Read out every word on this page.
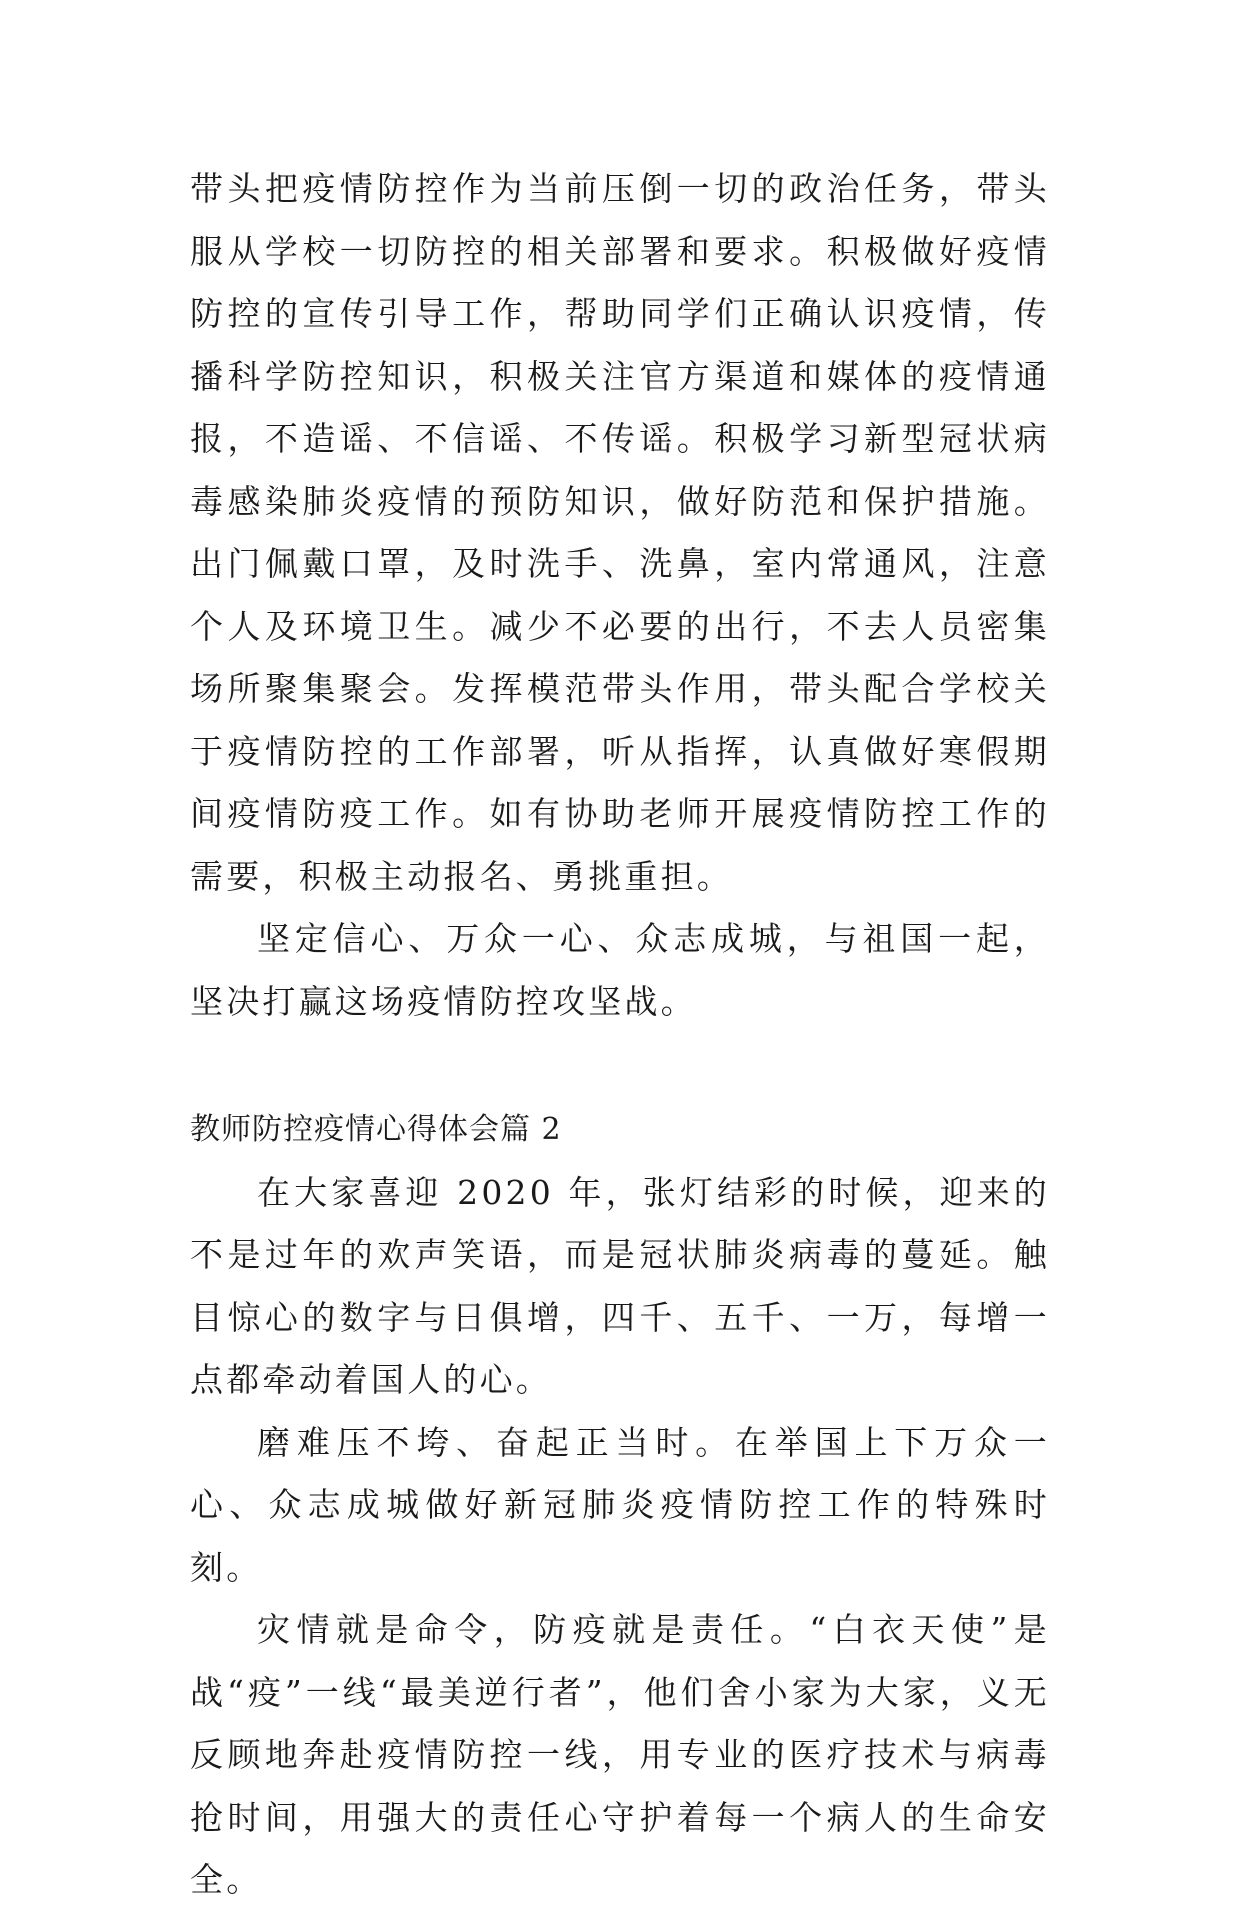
带头把疫情防控作为当前压倒一切的政治任务，带头服从学校一切防控的相关部署和要求。积极做好疫情防控的宣传引导工作，帮助同学们正确认识疫情，传播科学防控知识，积极关注官方渠道和媒体的疫情通报，不造谣、不信谣、不传谣。积极学习新型冠状病毒感染肺炎疫情的预防知识，做好防范和保护措施。出门佩戴口罩，及时洗手、洗鼻，室内常通风，注意个人及环境卫生。减少不必要的出行，不去人员密集场所聚集聚会。发挥模范带头作用，带头配合学校关于疫情防控的工作部署，听从指挥，认真做好寒假期间疫情防疫工作。如有协助老师开展疫情防控工作的需要，积极主动报名、勇挑重担。

坚定信心、万众一心、众志成城，与祖国一起，坚决打赢这场疫情防控攻坚战。

教师防控疫情心得体会篇 2

在大家喜迎 2020 年，张灯结彩的时候，迎来的不是过年的欢声笑语，而是冠状肺炎病毒的蔓延。触目惊心的数字与日俱增，四千、五千、一万，每增一点都牵动着国人的心。

磨难压不垮、奋起正当时。在举国上下万众一心、众志成城做好新冠肺炎疫情防控工作的特殊时刻。

灾情就是命令，防疫就是责任。“白衣天使”是战“疫”一线“最美逆行者”，他们舍小家为大家，义无反顾地奔赴疫情防控一线，用专业的医疗技术与病毒抢时间，用强大的责任心守护着每一个病人的生命安全。
